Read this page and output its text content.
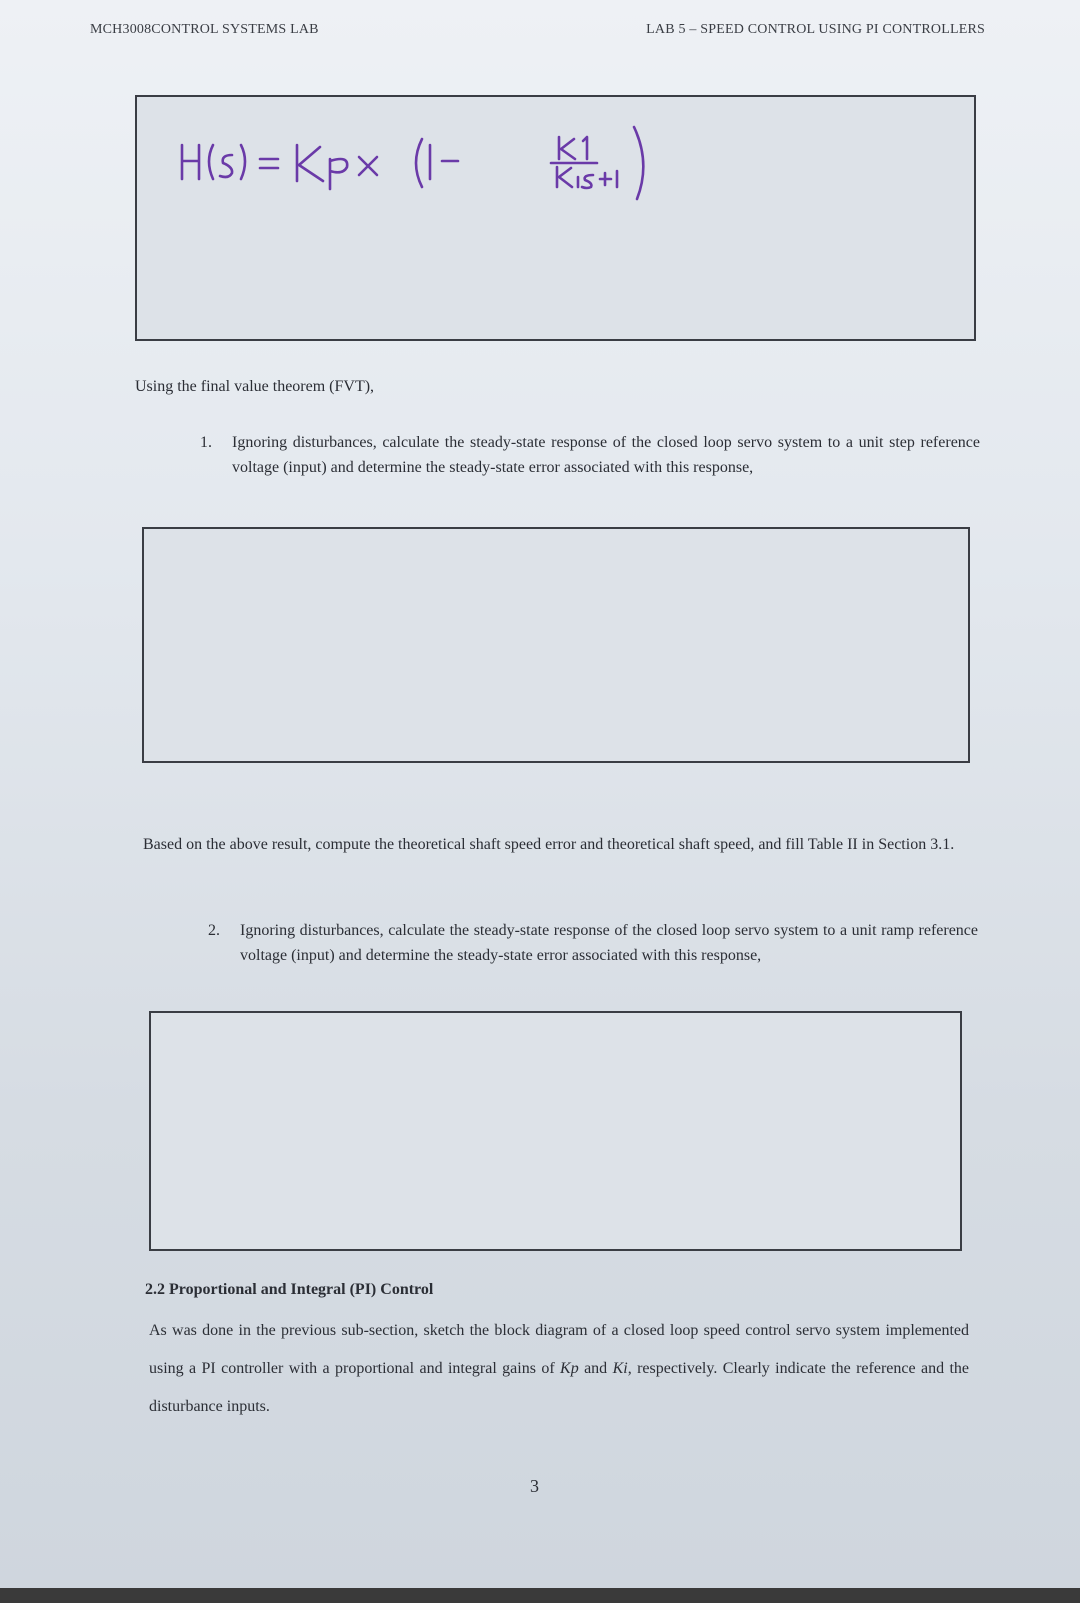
MCH3008CONTROL SYSTEMS LAB	LAB 5 – SPEED CONTROL USING PI CONTROLLERS
Using the final value theorem (FVT),
1.	Ignoring disturbances, calculate the steady-state response of the closed loop servo system to a unit step reference voltage (input) and determine the steady-state error associated with this response,
Based on the above result, compute the theoretical shaft speed error and theoretical shaft speed, and fill Table II in Section 3.1.
2.	Ignoring disturbances, calculate the steady-state response of the closed loop servo system to a unit ramp reference voltage (input) and determine the steady-state error associated with this response,
2.2 Proportional and Integral (PI) Control
As was done in the previous sub-section, sketch the block diagram of a closed loop speed control servo system implemented using a PI controller with a proportional and integral gains of Kp and Ki, respectively. Clearly indicate the reference and the disturbance inputs.
3
